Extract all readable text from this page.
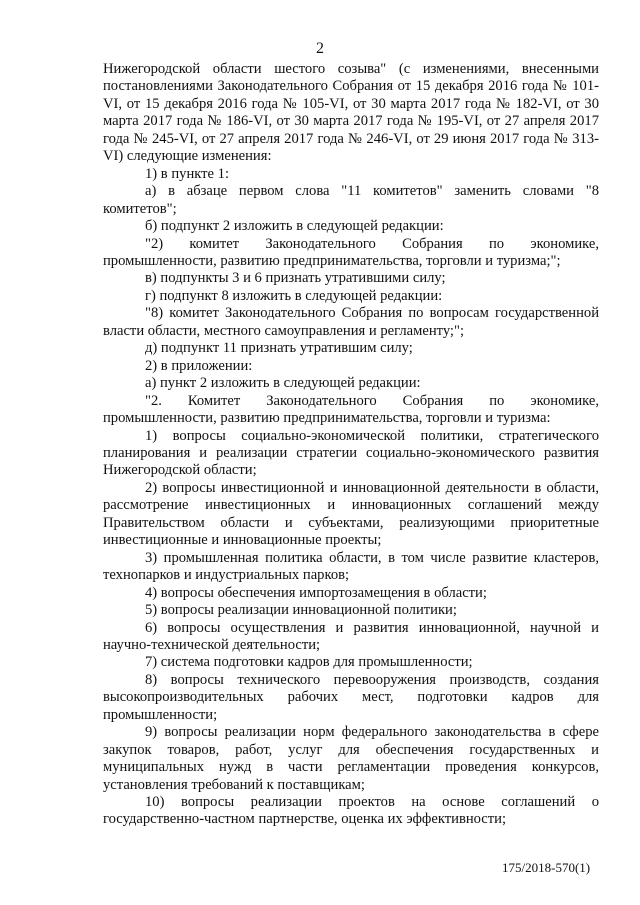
2

Нижегородской области шестого созыва" (с изменениями, внесенными постановлениями Законодательного Собрания от 15 декабря 2016 года № 101-VI, от 15 декабря 2016 года № 105-VI, от 30 марта 2017 года № 182-VI, от 30 марта 2017 года № 186-VI, от 30 марта 2017 года № 195-VI, от 27 апреля 2017 года № 245-VI, от 27 апреля 2017 года № 246-VI, от 29 июня 2017 года № 313-VI) следующие изменения:

1) в пункте 1:

а) в абзаце первом слова "11 комитетов" заменить словами "8 комитетов";

б) подпункт 2 изложить в следующей редакции:

"2) комитет Законодательного Собрания по экономике, промышленности, развитию предпринимательства, торговли и туризма;";

в) подпункты 3 и 6 признать утратившими силу;

г) подпункт 8 изложить в следующей редакции:

"8) комитет Законодательного Собрания по вопросам государственной власти области, местного самоуправления и регламенту;";

д) подпункт 11 признать утратившим силу;

2) в приложении:

а) пункт 2 изложить в следующей редакции:

"2. Комитет Законодательного Собрания по экономике, промышленности, развитию предпринимательства, торговли и туризма:

1) вопросы социально-экономической политики, стратегического планирования и реализации стратегии социально-экономического развития Нижегородской области;

2) вопросы инвестиционной и инновационной деятельности в области, рассмотрение инвестиционных и инновационных соглашений между Правительством области и субъектами, реализующими приоритетные инвестиционные и инновационные проекты;

3) промышленная политика области, в том числе развитие кластеров, технопарков и индустриальных парков;

4) вопросы обеспечения импортозамещения в области;

5) вопросы реализации инновационной политики;

6) вопросы осуществления и развития инновационной, научной и научно-технической деятельности;

7) система подготовки кадров для промышленности;

8) вопросы технического перевооружения производств, создания высокопроизводительных рабочих мест, подготовки кадров для промышленности;

9) вопросы реализации норм федерального законодательства в сфере закупок товаров, работ, услуг для обеспечения государственных и муниципальных нужд в части регламентации проведения конкурсов, установления требований к поставщикам;

10) вопросы реализации проектов на основе соглашений о государственно-частном партнерстве, оценка их эффективности;

175/2018-570(1)
